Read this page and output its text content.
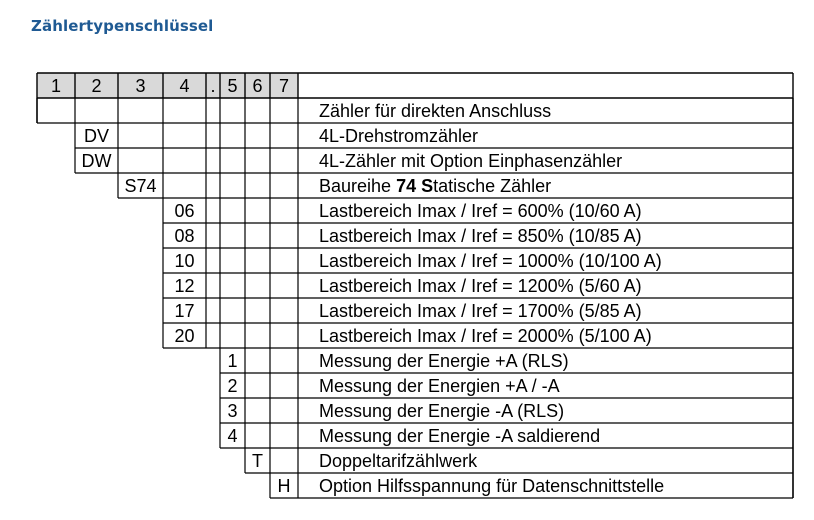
Zählertypenschlüssel
1 2 3 4 . 5 6 7
Zähler für direkten Anschluss
DV	4L-Drehstromzähler
DW	4L-Zähler mit Option Einphasenzähler
S74	Baureihe 74 Statische Zähler
06	Lastbereich Imax / Iref = 600% (10/60 A)
08	Lastbereich Imax / Iref = 850% (10/85 A)
10	Lastbereich Imax / Iref = 1000% (10/100 A)
12	Lastbereich Imax / Iref = 1200% (5/60 A)
17	Lastbereich Imax / Iref = 1700% (5/85 A)
20	Lastbereich Imax / Iref = 2000% (5/100 A)
1	Messung der Energie +A (RLS)
2	Messung der Energien +A / -A
3	Messung der Energie -A (RLS)
4	Messung der Energie -A saldierend
T	Doppeltarifzählwerk
H Option Hilfsspannung für Datenschnittstelle
